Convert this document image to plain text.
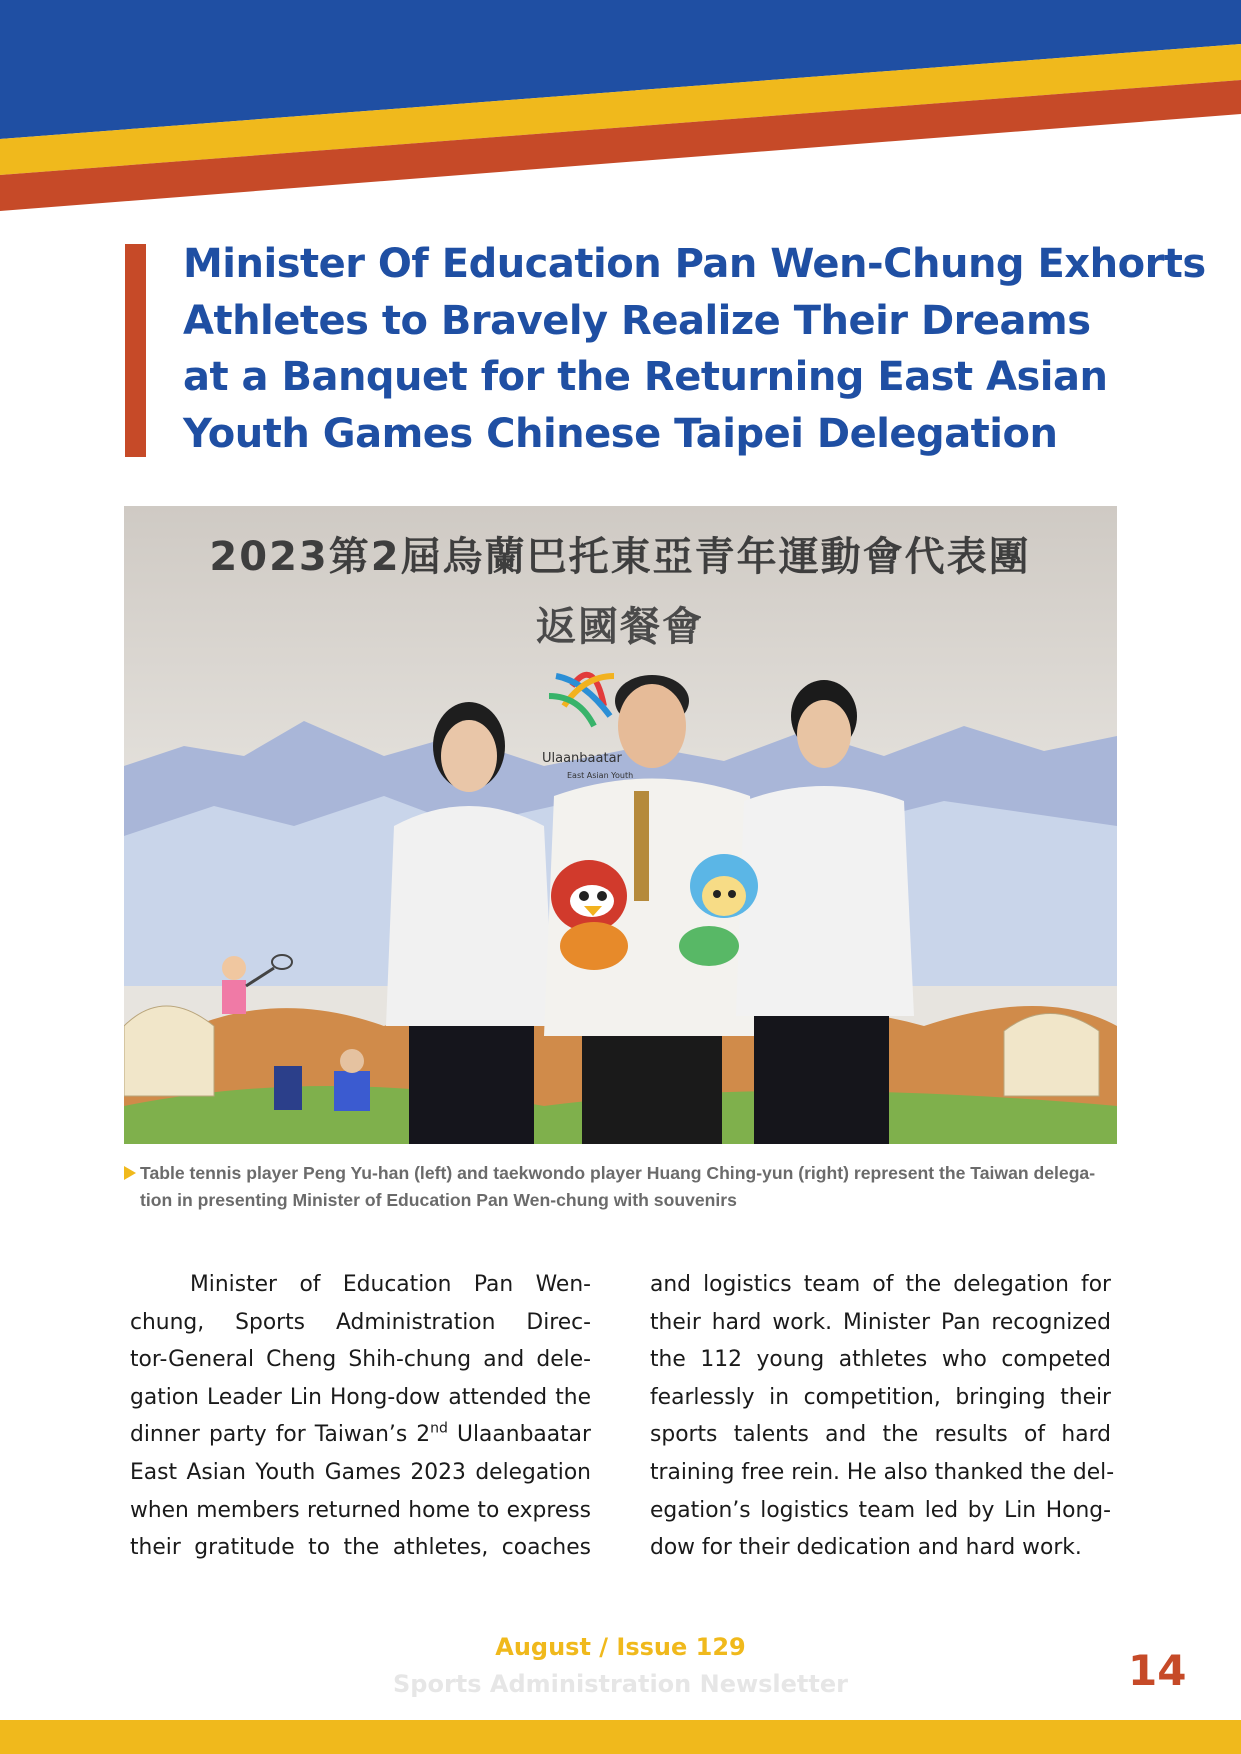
Minister Of Education Pan Wen-Chung Exhorts
Athletes to Bravely Realize Their Dreams
at a Banquet for the Returning East Asian
Youth Games Chinese Taipei Delegation
2023第2屆烏蘭巴托東亞青年運動會代表團
返國餐會
Ulaanbaatar
East Asian Youth

Table tennis player Peng Yu-han (left) and taekwondo player Huang Ching-yun (right) represent the Taiwan delega-

tion in presenting Minister of Education Pan Wen-chung with souvenirs

Minister of Education Pan Wen-
chung, Sports Administration Direc-
tor-General Cheng Shih-chung and dele-
gation Leader Lin Hong-dow attended the
dinner party for Taiwan’s 2nd Ulaanbaatar
East Asian Youth Games 2023 delegation
when members returned home to express
their gratitude to the athletes, coaches
and logistics team of the delegation for
their hard work. Minister Pan recognized
the 112 young athletes who competed
fearlessly in competition, bringing their
sports talents and the results of hard
training free rein. He also thanked the del-
egation’s logistics team led by Lin Hong-
dow for their dedication and hard work.
August / Issue 129
Sports Administration Newsletter	14
